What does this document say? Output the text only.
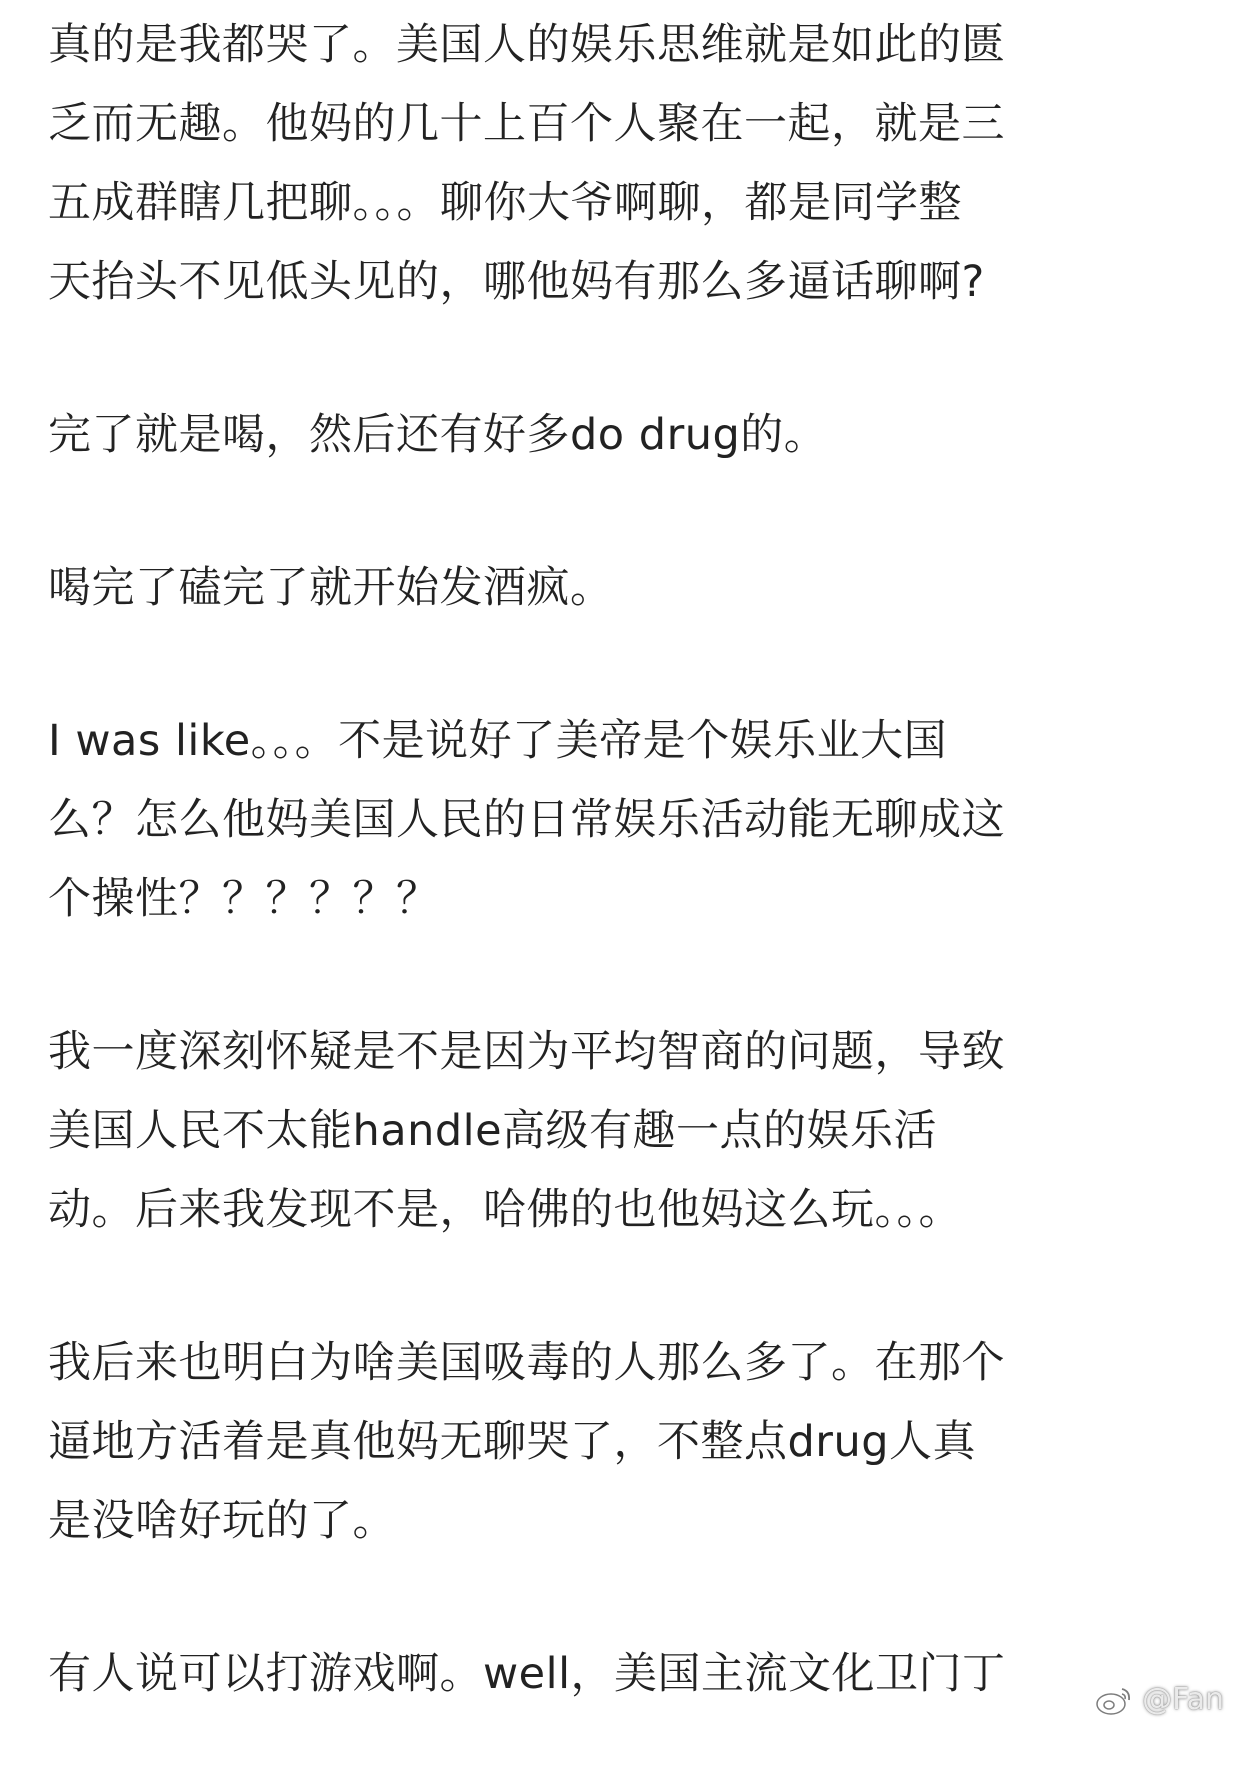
真的是我都哭了。美国人的娱乐思维就是如此的匮
乏而无趣。他妈的几十上百个人聚在一起，就是三
五成群瞎几把聊。。。聊你大爷啊聊，都是同学整
天抬头不见低头见的，哪他妈有那么多逼话聊啊?
完了就是喝，然后还有好多do drug的。
喝完了磕完了就开始发酒疯。
I was like。。。不是说好了美帝是个娱乐业大国
么？怎么他妈美国人民的日常娱乐活动能无聊成这
个操性？？？？？？
我一度深刻怀疑是不是因为平均智商的问题，导致
美国人民不太能handle高级有趣一点的娱乐活
动。后来我发现不是，哈佛的也他妈这么玩。。。
我后来也明白为啥美国吸毒的人那么多了。在那个
逼地方活着是真他妈无聊哭了，不整点drug人真
是没啥好玩的了。
有人说可以打游戏啊。well，美国主流文化卫门丁
@Fan
